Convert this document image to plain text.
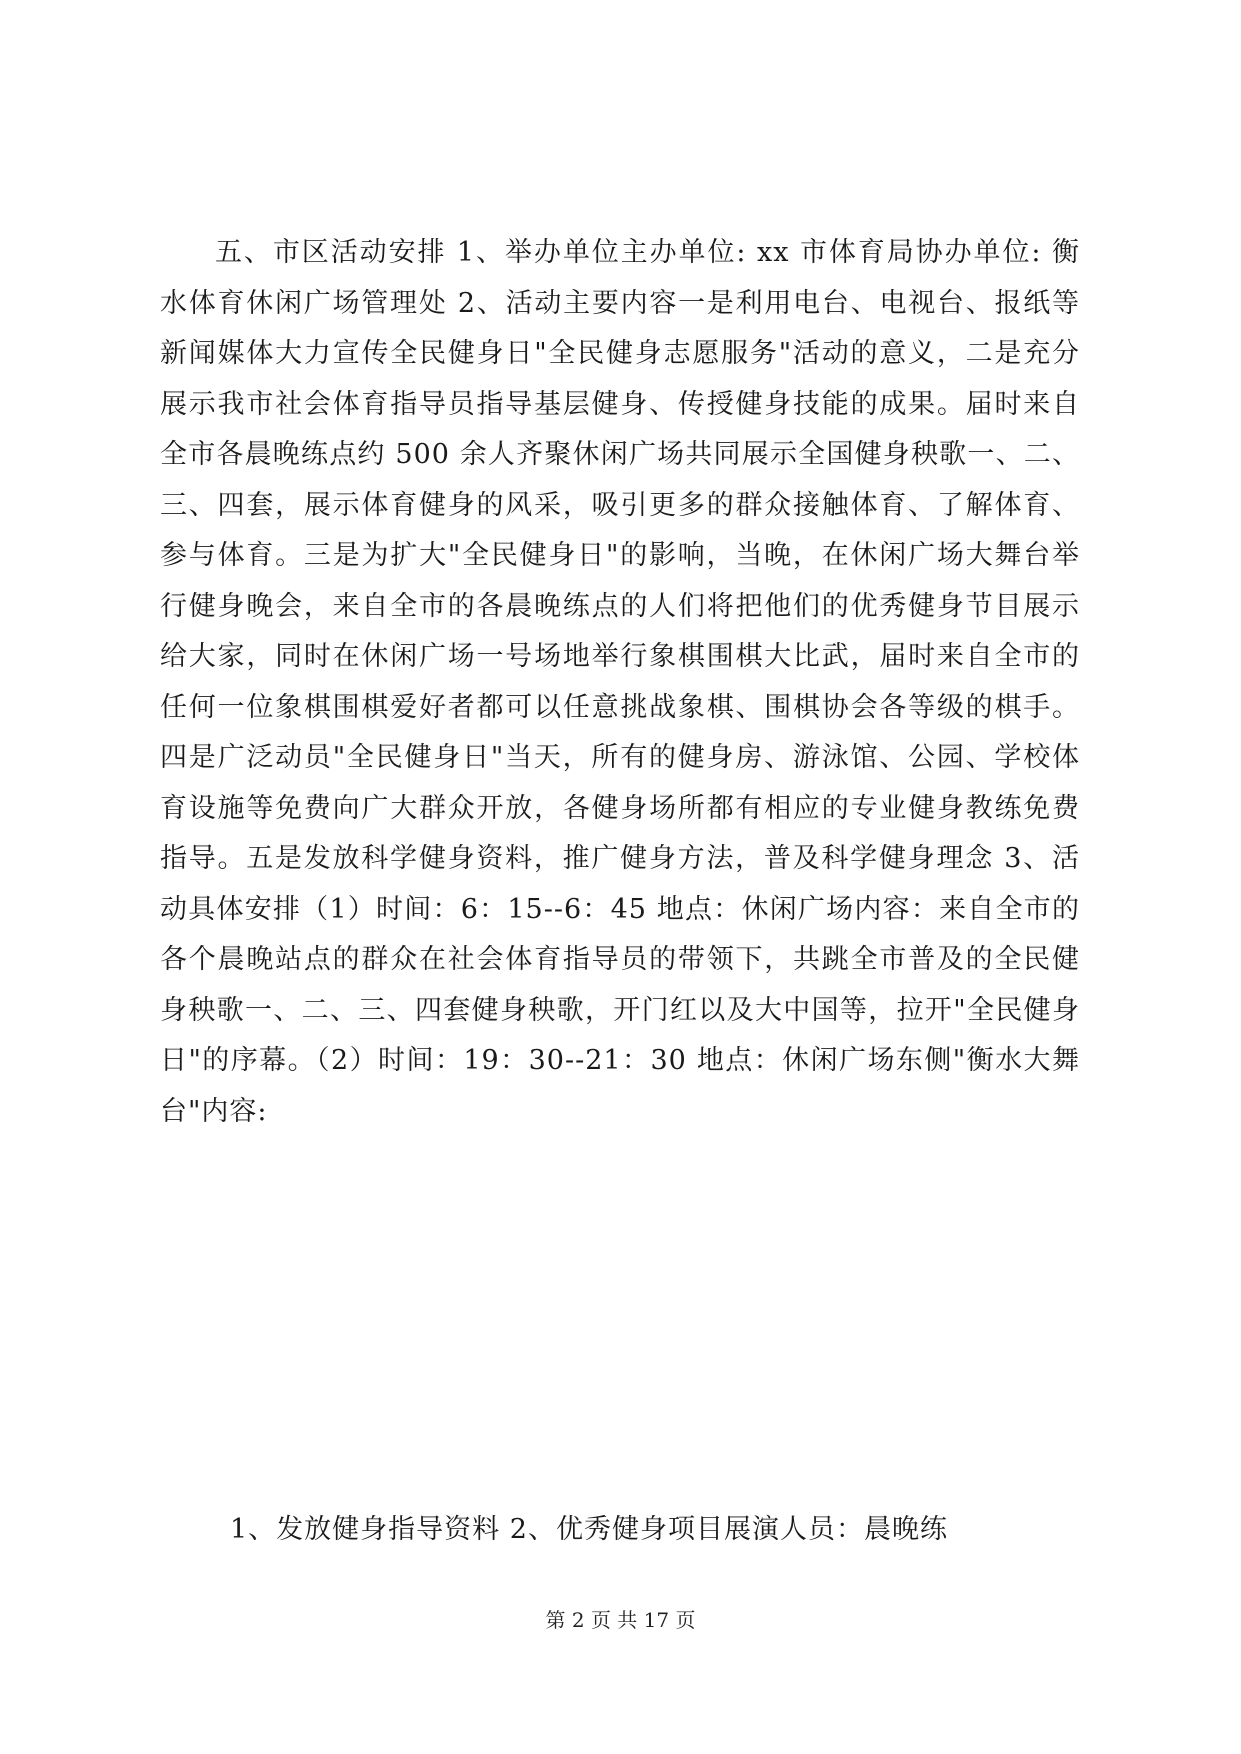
五、市区活动安排 1、举办单位主办单位: xx 市体育局协办单位: 衡水体育休闲广场管理处 2、活动主要内容一是利用电台、电视台、报纸等新闻媒体大力宣传全民健身日"全民健身志愿服务"活动的意义，二是充分展示我市社会体育指导员指导基层健身、传授健身技能的成果。届时来自全市各晨晚练点约 500 余人齐聚休闲广场共同展示全国健身秧歌一、二、三、四套，展示体育健身的风采，吸引更多的群众接触体育、了解体育、参与体育。三是为扩大"全民健身日"的影响，当晚，在休闲广场大舞台举行健身晚会，来自全市的各晨晚练点的人们将把他们的优秀健身节目展示给大家，同时在休闲广场一号场地举行象棋围棋大比武，届时来自全市的任何一位象棋围棋爱好者都可以任意挑战象棋、围棋协会各等级的棋手。四是广泛动员"全民健身日"当天，所有的健身房、游泳馆、公园、学校体育设施等免费向广大群众开放，各健身场所都有相应的专业健身教练免费指导。五是发放科学健身资料，推广健身方法，普及科学健身理念 3、活动具体安排（1）时间：6：15--6：45 地点：休闲广场内容：来自全市的各个晨晚站点的群众在社会体育指导员的带领下，共跳全市普及的全民健身秧歌一、二、三、四套健身秧歌，开门红以及大中国等，拉开"全民健身日"的序幕。（2）时间：19：30--21：30 地点：休闲广场东侧"衡水大舞台"内容:

1、发放健身指导资料 2、优秀健身项目展演人员：晨晚练

第 2 页 共 17 页
